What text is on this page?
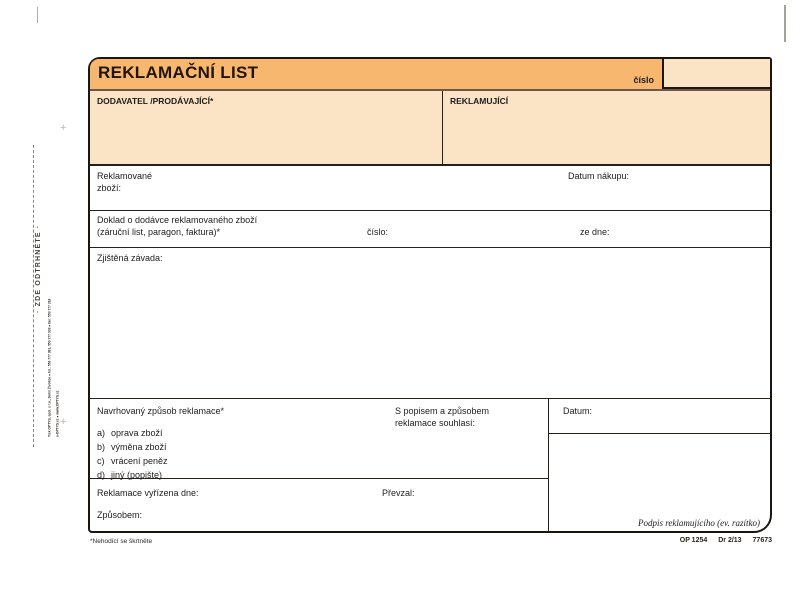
+
+
· ZDE ODTRHNĚTE ·
Tisk OPTYS, spol. s r.o., Dolní Životice ● tel.: 553 777 381, 553 777 333 ● fax: 553 777 318 e-OPTYS.cz ● www.OPTYS.cz
REKLAMAČNÍ LIST	číslo
DODAVATEL /PRODÁVAJÍCÍ*	REKLAMUJÍCÍ
Reklamované
zboží:
Datum nákupu:
Doklad o dodávce reklamovaného zboží
(záruční list, paragon, faktura)*	číslo:	ze dne:
Zjištěná závada:
Navrhovaný způsob reklamace*
a) oprava zboží
b) výměna zboží
c) vrácení peněz
d) jiný (popište)
S popisem a způsobem
reklamace souhlasí:
Reklamace vyřízena dne:	Převzal:
Způsobem:
Datum:
Podpis reklamujícího (ev. razítko)
*Nehodící se škrtněte	OP 1254 Dr 2/13 77673
